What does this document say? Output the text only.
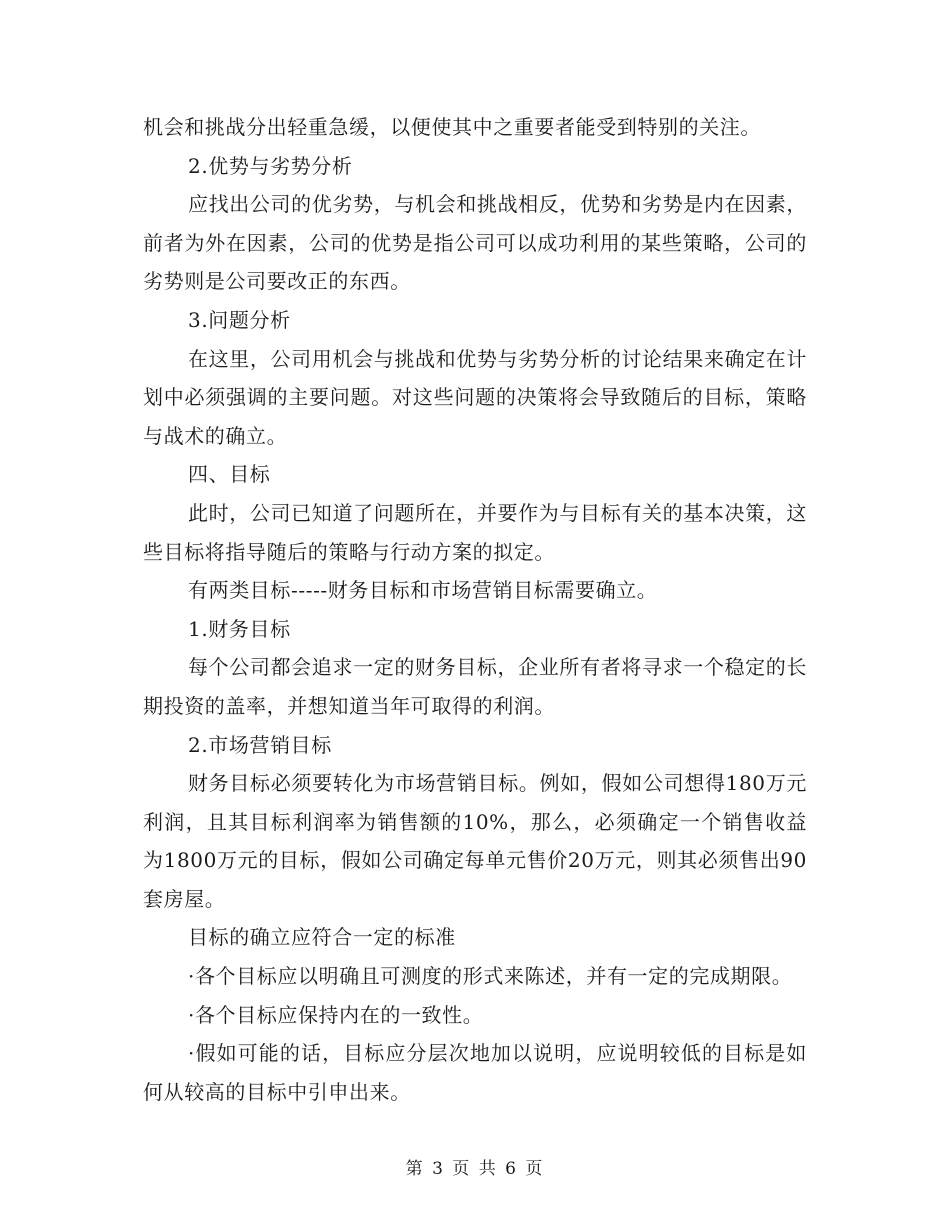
机会和挑战分出轻重急缓，以便使其中之重要者能受到特别的关注。

2.优势与劣势分析

应找出公司的优劣势，与机会和挑战相反，优势和劣势是内在因素，前者为外在因素，公司的优势是指公司可以成功利用的某些策略，公司的劣势则是公司要改正的东西。

3.问题分析

在这里，公司用机会与挑战和优势与劣势分析的讨论结果来确定在计划中必须强调的主要问题。对这些问题的决策将会导致随后的目标，策略与战术的确立。

四、目标

此时，公司已知道了问题所在，并要作为与目标有关的基本决策，这些目标将指导随后的策略与行动方案的拟定。

有两类目标-----财务目标和市场营销目标需要确立。

1.财务目标

每个公司都会追求一定的财务目标，企业所有者将寻求一个稳定的长期投资的盖率，并想知道当年可取得的利润。

2.市场营销目标

财务目标必须要转化为市场营销目标。例如，假如公司想得180万元利润，且其目标利润率为销售额的10%，那么，必须确定一个销售收益为1800万元的目标，假如公司确定每单元售价20万元，则其必须售出90套房屋。

目标的确立应符合一定的标准

·各个目标应以明确且可测度的形式来陈述，并有一定的完成期限。

·各个目标应保持内在的一致性。

·假如可能的话，目标应分层次地加以说明，应说明较低的目标是如何从较高的目标中引申出来。

第 3 页 共 6 页
